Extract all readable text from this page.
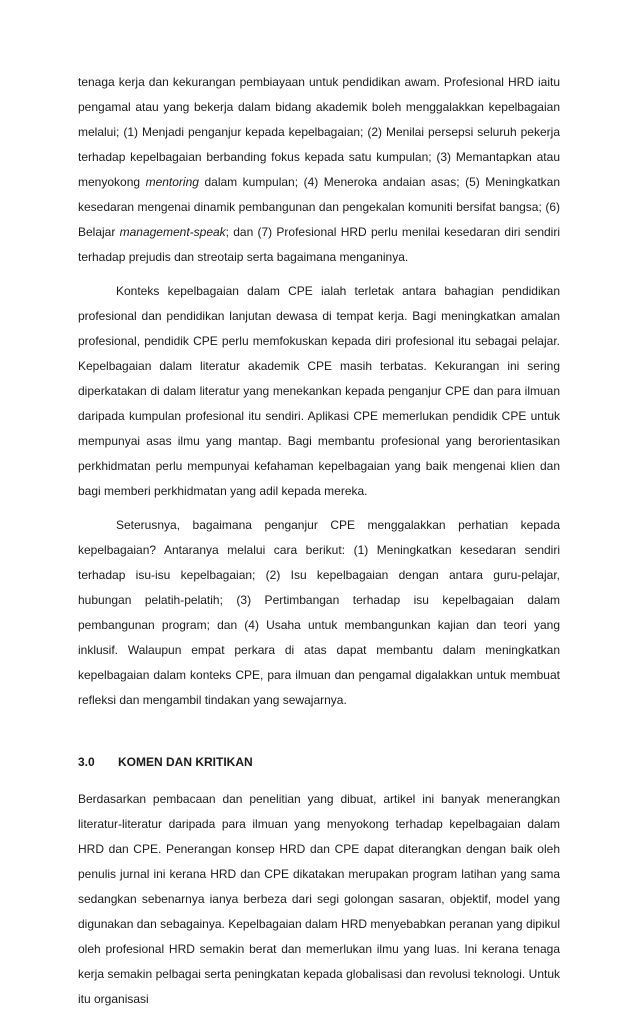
tenaga kerja dan kekurangan pembiayaan untuk pendidikan awam. Profesional HRD iaitu pengamal atau yang bekerja dalam bidang akademik boleh menggalakkan kepelbagaian melalui; (1) Menjadi penganjur kepada kepelbagaian; (2) Menilai persepsi seluruh pekerja terhadap kepelbagaian berbanding fokus kepada satu kumpulan; (3) Memantapkan atau menyokong mentoring dalam kumpulan; (4) Meneroka andaian asas; (5) Meningkatkan kesedaran mengenai dinamik pembangunan dan pengekalan komuniti bersifat bangsa; (6) Belajar management-speak; dan (7) Profesional HRD perlu menilai kesedaran diri sendiri terhadap prejudis dan streotaip serta bagaimana menganinya.

Konteks kepelbagaian dalam CPE ialah terletak antara bahagian pendidikan profesional dan pendidikan lanjutan dewasa di tempat kerja. Bagi meningkatkan amalan profesional, pendidik CPE perlu memfokuskan kepada diri profesional itu sebagai pelajar. Kepelbagaian dalam literatur akademik CPE masih terbatas. Kekurangan ini sering diperkatakan di dalam literatur yang menekankan kepada penganjur CPE dan para ilmuan daripada kumpulan profesional itu sendiri. Aplikasi CPE memerlukan pendidik CPE untuk mempunyai asas ilmu yang mantap. Bagi membantu profesional yang berorientasikan perkhidmatan perlu mempunyai kefahaman kepelbagaian yang baik mengenai klien dan bagi memberi perkhidmatan yang adil kepada mereka.

Seterusnya, bagaimana penganjur CPE menggalakkan perhatian kepada kepelbagaian? Antaranya melalui cara berikut: (1) Meningkatkan kesedaran sendiri terhadap isu-isu kepelbagaian; (2) Isu kepelbagaian dengan antara guru-pelajar, hubungan pelatih-pelatih; (3) Pertimbangan terhadap isu kepelbagaian dalam pembangunan program; dan (4) Usaha untuk membangunkan kajian dan teori yang inklusif. Walaupun empat perkara di atas dapat membantu dalam meningkatkan kepelbagaian dalam konteks CPE, para ilmuan dan pengamal digalakkan untuk membuat refleksi dan mengambil tindakan yang sewajarnya.

3.0	KOMEN DAN KRITIKAN

Berdasarkan pembacaan dan penelitian yang dibuat, artikel ini banyak menerangkan literatur-literatur daripada para ilmuan yang menyokong terhadap kepelbagaian dalam HRD dan CPE. Penerangan konsep HRD dan CPE dapat diterangkan dengan baik oleh penulis jurnal ini kerana HRD dan CPE dikatakan merupakan program latihan yang sama sedangkan sebenarnya ianya berbeza dari segi golongan sasaran, objektif, model yang digunakan dan sebagainya. Kepelbagaian dalam HRD menyebabkan peranan yang dipikul oleh profesional HRD semakin berat dan memerlukan ilmu yang luas. Ini kerana tenaga kerja semakin pelbagai serta peningkatan kepada globalisasi dan revolusi teknologi. Untuk itu organisasi
